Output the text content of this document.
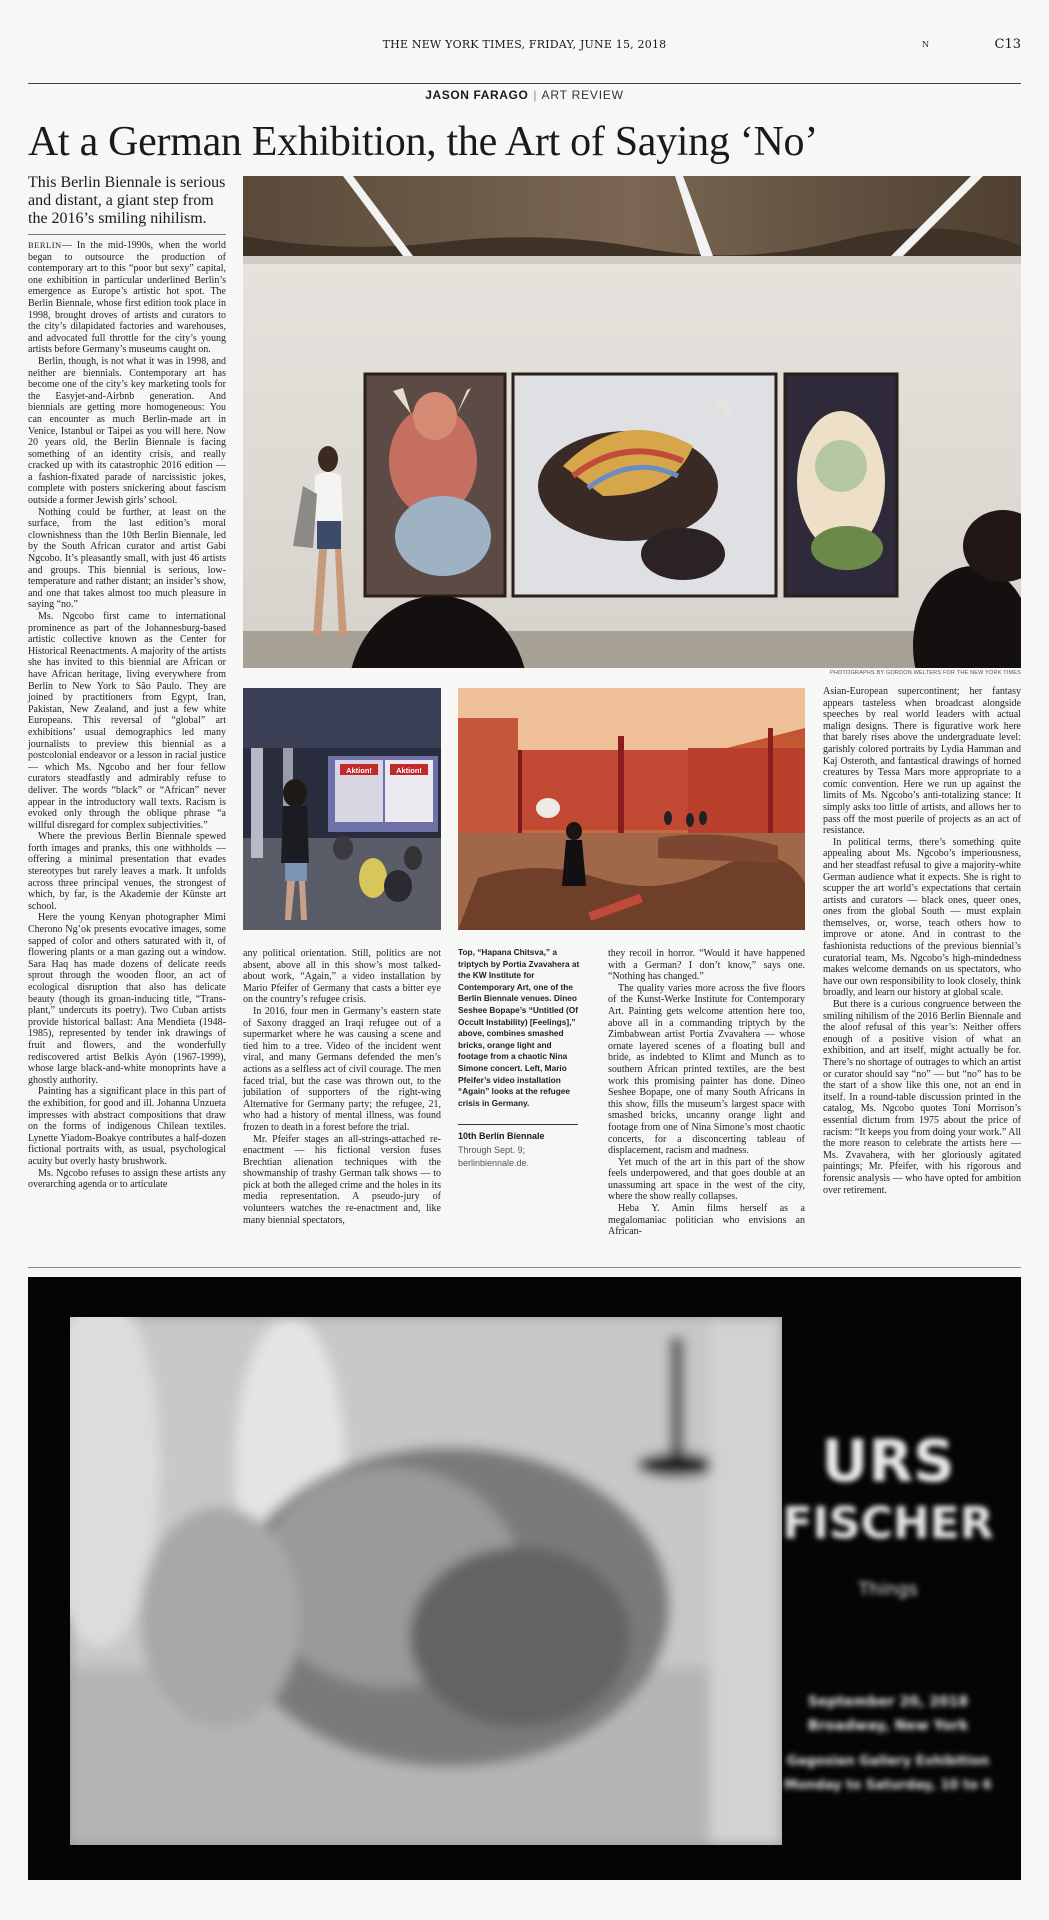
THE NEW YORK TIMES, FRIDAY, JUNE 15, 2018	N	C13
JASON FARAGO | ART REVIEW
At a German Exhibition, the Art of Saying ‘No’
This Berlin Biennale is serious and distant, a giant step from the 2016’s smiling nihilism.
PHOTOGRAPHS BY GORDON WELTERS FOR THE NEW YORK TIMES
Aktion!	Aktion!

BERLIN— In the mid-1990s, when the world began to outsource the production of contemporary art to this “poor but sexy” capital, one exhibition in particular underlined Berlin’s emergence as Europe’s artistic hot spot. The Berlin Biennale, whose first edition took place in 1998, brought droves of artists and curators to the city’s dilapidated factories and warehouses, and advocated full throttle for the city’s young artists before Germany’s museums caught on.

Berlin, though, is not what it was in 1998, and neither are biennials. Contemporary art has become one of the city’s key marketing tools for the Easyjet-and-Airbnb generation. And biennials are getting more homogeneous: You can encounter as much Berlin-made art in Venice, Istanbul or Taipei as you will here. Now 20 years old, the Berlin Biennale is facing something of an identity crisis, and really cracked up with its catastrophic 2016 edition — a fashion-fixated parade of narcissistic jokes, complete with posters snickering about fascism outside a former Jewish girls’ school.

Nothing could be further, at least on the surface, from the last edition’s moral clownishness than the 10th Berlin Biennale, led by the South African curator and artist Gabi Ngcobo. It’s pleasantly small, with just 46 artists and groups. This biennial is serious, low-temperature and rather distant; an insider’s show, and one that takes almost too much pleasure in saying “no.”

Ms. Ngcobo first came to international prominence as part of the Johannesburg-based artistic collective known as the Center for Historical Reenactments. A majority of the artists she has invited to this biennial are African or have African heritage, living everywhere from Berlin to New York to São Paulo. They are joined by practitioners from Egypt, Iran, Pakistan, New Zealand, and just a few white Europeans. This reversal of “global” art exhibitions’ usual demographics led many journalists to preview this biennial as a postcolonial endeavor or a lesson in racial justice — which Ms. Ngcobo and her four fellow curators steadfastly and admirably refuse to deliver. The words “black” or “African” never appear in the introductory wall texts. Racism is evoked only through the oblique phrase “a willful disregard for complex subjectivities.”

Where the previous Berlin Biennale spewed forth images and pranks, this one withholds — offering a minimal presentation that evades stereotypes but rarely leaves a mark. It unfolds across three principal venues, the strongest of which, by far, is the Akademie der Künste art school.

Here the young Kenyan photographer Mimi Cherono Ng’ok presents evocative images, some sapped of color and others saturated with it, of flowering plants or a man gazing out a window. Sara Haq has made dozens of delicate reeds sprout through the wooden floor, an act of ecological disruption that also has delicate beauty (though its groan-inducing title, “Trans-plant,” undercuts its poetry). Two Cuban artists provide historical ballast: Ana Mendieta (1948-1985), represented by tender ink drawings of fruit and flowers, and the wonderfully rediscovered artist Belkis Ayón (1967-1999), whose large black-and-white monoprints have a ghostly authority.

Painting has a significant place in this part of the exhibition, for good and ill. Johanna Unzueta impresses with abstract compositions that draw on the forms of indigenous Chilean textiles. Lynette Yiadom-Boakye contributes a half-dozen fictional portraits with, as usual, psychological acuity but overly hasty brushwork.

Ms. Ngcobo refuses to assign these artists any overarching agenda or to articulate

any political orientation. Still, politics are not absent, above all in this show’s most talked-about work, “Again,” a video installation by Mario Pfeifer of Germany that casts a bitter eye on the country’s refugee crisis.

In 2016, four men in Germany’s eastern state of Saxony dragged an Iraqi refugee out of a supermarket where he was causing a scene and tied him to a tree. Video of the incident went viral, and many Germans defended the men’s actions as a selfless act of civil courage. The men faced trial, but the case was thrown out, to the jubilation of supporters of the right-wing Alternative for Germany party; the refugee, 21, who had a history of mental illness, was found frozen to death in a forest before the trial.

Mr. Pfeifer stages an all-strings-attached re-enactment — his fictional version fuses Brechtian alienation techniques with the showmanship of trashy German talk shows — to pick at both the alleged crime and the holes in its media representation. A pseudo-jury of volunteers watches the re-enactment and, like many biennial spectators,

Top, “Hapana Chitsva,” a triptych by Portia Zvavahera at the KW Institute for Contemporary Art, one of the Berlin Biennale venues. Dineo Seshee Bopape’s “Untitled (Of Occult Instability) [Feelings],” above, combines smashed bricks, orange light and footage from a chaotic Nina Simone concert. Left, Mario Pfeifer’s video installation “Again” looks at the refugee crisis in Germany.
10th Berlin Biennale
Through Sept. 9;
berlinbiennale.de.

they recoil in horror. “Would it have happened with a German? I don’t know,” says one. “Nothing has changed.”

The quality varies more across the five floors of the Kunst-Werke Institute for Contemporary Art. Painting gets welcome attention here too, above all in a commanding triptych by the Zimbabwean artist Portia Zvavahera — whose ornate layered scenes of a floating bull and bride, as indebted to Klimt and Munch as to southern African printed textiles, are the best work this promising painter has done. Dineo Seshee Bopape, one of many South Africans in this show, fills the museum’s largest space with smashed bricks, uncanny orange light and footage from one of Nina Simone’s most chaotic concerts, for a disconcerting tableau of displacement, racism and madness.

Yet much of the art in this part of the show feels underpowered, and that goes double at an unassuming art space in the west of the city, where the show really collapses.

Heba Y. Amin films herself as a megalomaniac politician who envisions an African-

Asian-European supercontinent; her fantasy appears tasteless when broadcast alongside speeches by real world leaders with actual malign designs. There is figurative work here that barely rises above the undergraduate level: garishly colored portraits by Lydia Hamman and Kaj Osteroth, and fantastical drawings of horned creatures by Tessa Mars more appropriate to a comic convention. Here we run up against the limits of Ms. Ngcobo’s anti-totalizing stance: It simply asks too little of artists, and allows her to pass off the most puerile of projects as an act of resistance.

In political terms, there’s something quite appealing about Ms. Ngcobo’s imperiousness, and her steadfast refusal to give a majority-white German audience what it expects. She is right to scupper the art world’s expectations that certain artists and curators — black ones, queer ones, ones from the global South — must explain themselves, or, worse, teach others how to improve or atone. And in contrast to the fashionista reductions of the previous biennial’s curatorial team, Ms. Ngcobo’s high-mindedness makes welcome demands on us spectators, who have our own responsibility to look closely, think broadly, and learn our history at global scale.

But there is a curious congruence between the smiling nihilism of the 2016 Berlin Biennale and the aloof refusal of this year’s: Neither offers enough of a positive vision of what an exhibition, and art itself, might actually be for. There’s no shortage of outrages to which an artist or curator should say “no” — but “no” has to be the start of a show like this one, not an end in itself. In a round-table discussion printed in the catalog, Ms. Ngcobo quotes Toni Morrison’s essential dictum from 1975 about the price of racism: “It keeps you from doing your work.” All the more reason to celebrate the artists here — Ms. Zvavahera, with her gloriously agitated paintings; Mr. Pfeifer, with his rigorous and forensic analysis — who have opted for ambition over retirement.

URS
FISCHER
Things
September 20, 2018
Broadway, New York
Gagosian Gallery Exhibition
Monday to Saturday, 10 to 6
